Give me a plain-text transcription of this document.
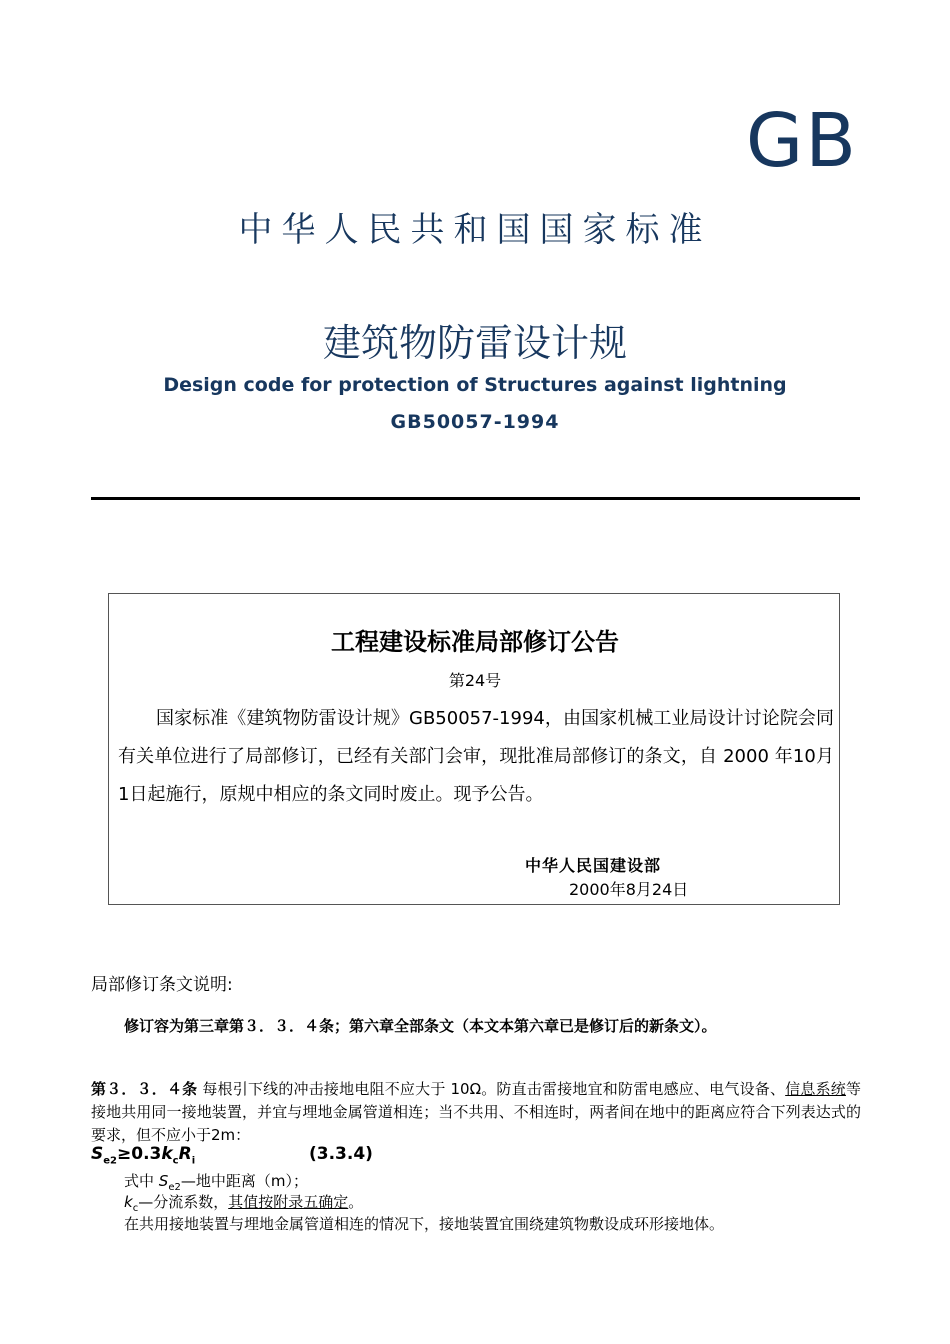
GB
中华人民共和国国家标准
建筑物防雷设计规
Design code for protection of Structures against lightning
GB50057-1994
工程建设标准局部修订公告
第24号
国家标准《建筑物防雷设计规》GB50057-1994，由国家机械工业局设计讨论院会同有关单位进行了局部修订，已经有关部门会审，现批准局部修订的条文，自 2000 年10月1日起施行，原规中相应的条文同时废止。现予公告。
中华人民国建设部
2000年8月24日
局部修订条文说明:
修订容为第三章第３．３．４条；第六章全部条文（本文本第六章已是修订后的新条文）。
第３．３．４条 每根引下线的冲击接地电阻不应大于 10Ω。防直击雷接地宜和防雷电感应、电气设备、信息系统等接地共用同一接地装置，并宜与埋地金属管道相连；当不共用、不相连时，两者间在地中的距离应符合下列表达式的要求，但不应小于2m：
$S_{e2}\ge 0.3k_cR_i$	(3.3.4)
式中 $S_{e2}—$地中距离（m）；
$k_c—$分流系数，其值按附录五确定。
在共用接地装置与埋地金属管道相连的情况下，接地装置宜围绕建筑物敷设成环形接地体。
